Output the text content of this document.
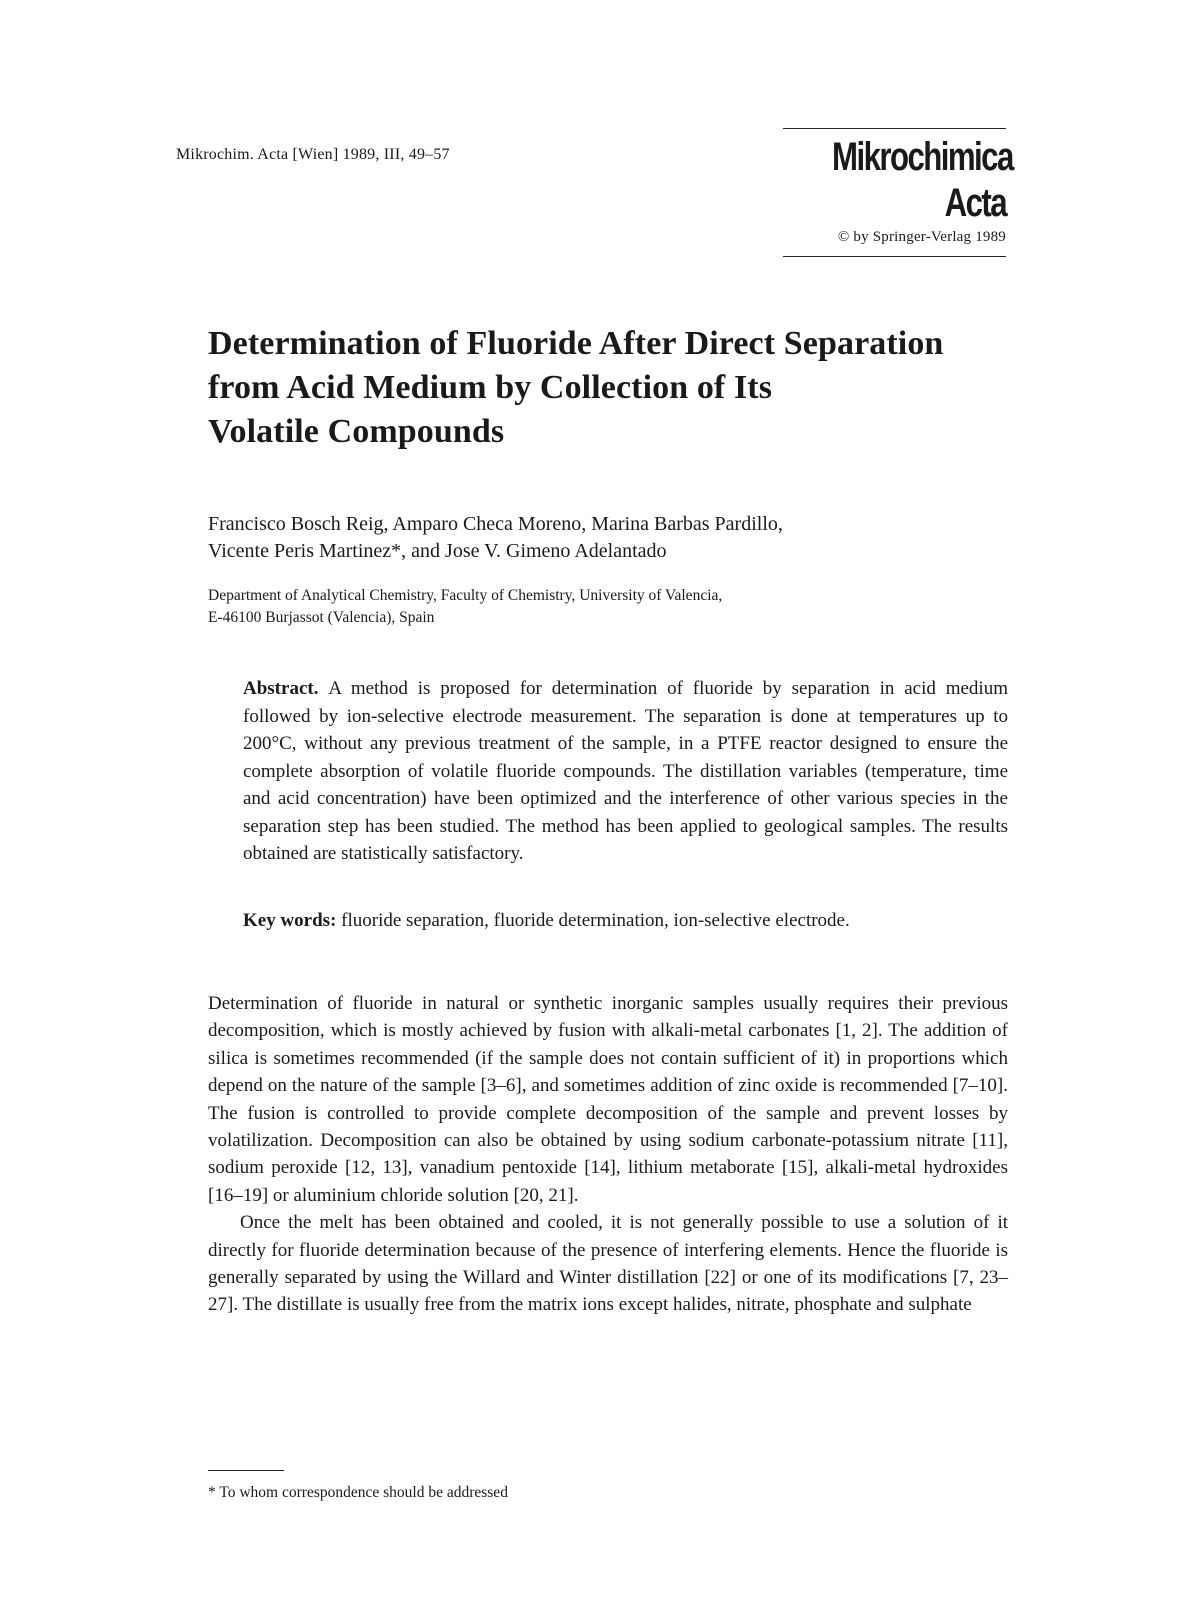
Mikrochim. Acta [Wien] 1989, III, 49–57	Mikrochimica
Acta
© by Springer-Verlag 1989
Determination of Fluoride After Direct Separation
from Acid Medium by Collection of Its
Volatile Compounds
Francisco Bosch Reig, Amparo Checa Moreno, Marina Barbas Pardillo,
Vicente Peris Martinez*, and Jose V. Gimeno Adelantado
Department of Analytical Chemistry, Faculty of Chemistry, University of Valencia,
E-46100 Burjassot (Valencia), Spain
Abstract. A method is proposed for determination of fluoride by separation in acid medium followed by ion-selective electrode measurement. The separation is done at temperatures up to 200°C, without any previous treatment of the sample, in a PTFE reactor designed to ensure the complete absorption of volatile fluoride compounds. The distillation variables (temperature, time and acid concentration) have been optimized and the interference of other various species in the separation step has been studied. The method has been applied to geological samples. The results obtained are statistically satisfactory.
Key words: fluoride separation, fluoride determination, ion-selective electrode.

Determination of fluoride in natural or synthetic inorganic samples usually requires their previous decomposition, which is mostly achieved by fusion with alkali-metal carbonates [1, 2]. The addition of silica is sometimes recommended (if the sample does not contain sufficient of it) in proportions which depend on the nature of the sample [3–6], and sometimes addition of zinc oxide is recommended [7–10]. The fusion is controlled to provide complete decomposition of the sample and prevent losses by volatilization. Decomposition can also be obtained by using sodium carbonate-potassium nitrate [11], sodium peroxide [12, 13], vanadium pentoxide [14], lithium metaborate [15], alkali-metal hydroxides [16–19] or aluminium chloride solution [20, 21].

Once the melt has been obtained and cooled, it is not generally possible to use a solution of it directly for fluoride determination because of the presence of interfering elements. Hence the fluoride is generally separated by using the Willard and Winter distillation [22] or one of its modifications [7, 23–27]. The distillate is usually free from the matrix ions except halides, nitrate, phosphate and sulphate

* To whom correspondence should be addressed
